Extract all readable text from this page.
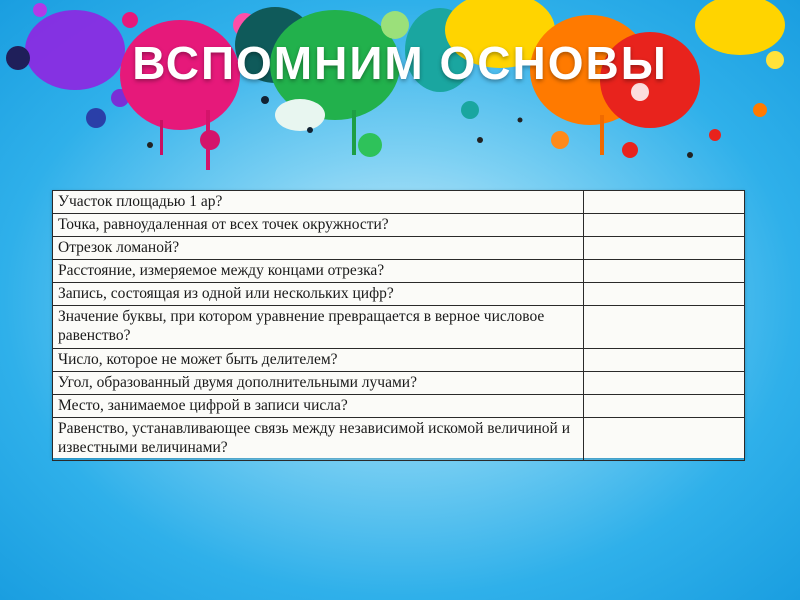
ВСПОМНИМ ОСНОВЫ
Участок площадью 1 ар?	
Точка, равноудаленная от всех точек окружности?	
Отрезок ломаной?	
Расстояние, измеряемое между концами отрезка?	
Запись, состоящая из одной или нескольких цифр?	
Значение буквы, при котором уравнение превращается в верное числовое равенство?	
Число, которое не может быть делителем?	
Угол, образованный двумя дополнительными лучами?	
Место, занимаемое цифрой в записи числа?	
Равенство, устанавливающее связь между независимой искомой величиной и известными величинами?	
